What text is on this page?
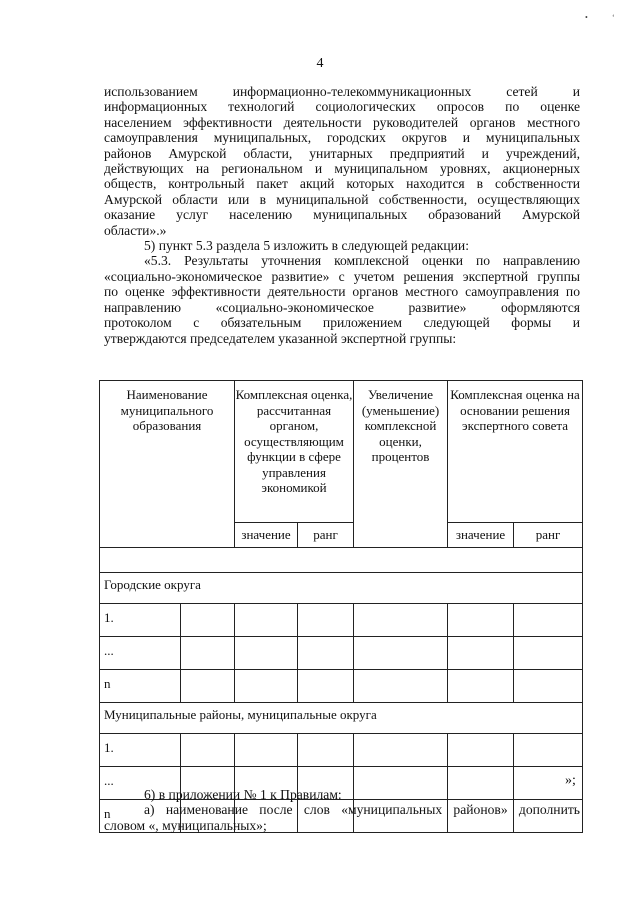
•	‘
4

использованием информационно-телекоммуникационных сетей и

информационных технологий социологических опросов по оценке

населением эффективности деятельности руководителей органов местного

самоуправления муниципальных, городских округов и муниципальных

районов Амурской области, унитарных предприятий и учреждений,

действующих на региональном и муниципальном уровнях, акционерных

обществ, контрольный пакет акций которых находится в собственности

Амурской области или в муниципальной собственности, осуществляющих

оказание услуг населению муниципальных образований Амурской

области».»

5) пункт 5.3 раздела 5 изложить в следующей редакции:

«5.3. Результаты уточнения комплексной оценки по направлению

«социально-экономическое развитие» с учетом решения экспертной группы

по оценке эффективности деятельности органов местного самоуправления по

направлению «социально-экономическое развитие» оформляются

протоколом с обязательным приложением следующей формы и

утверждаются председателем указанной экспертной группы:

Наименование муниципального образования		Комплексная оценка, рассчитанная органом, осуществляющим функции в сфере управления экономикой		Увеличение (уменьшение) комплексной оценки, процентов	Комплексная оценка на основании решения экспертного совета	
		значение	ранг		значение	ранг

Городские округа						
1.						
...						
n						
Муниципальные районы, муниципальные округа						
1.						
...						
n						
»;

6) в приложении № 1 к Правилам:

а) наименование после слов «муниципальных районов» дополнить

словом «, муниципальных»;
